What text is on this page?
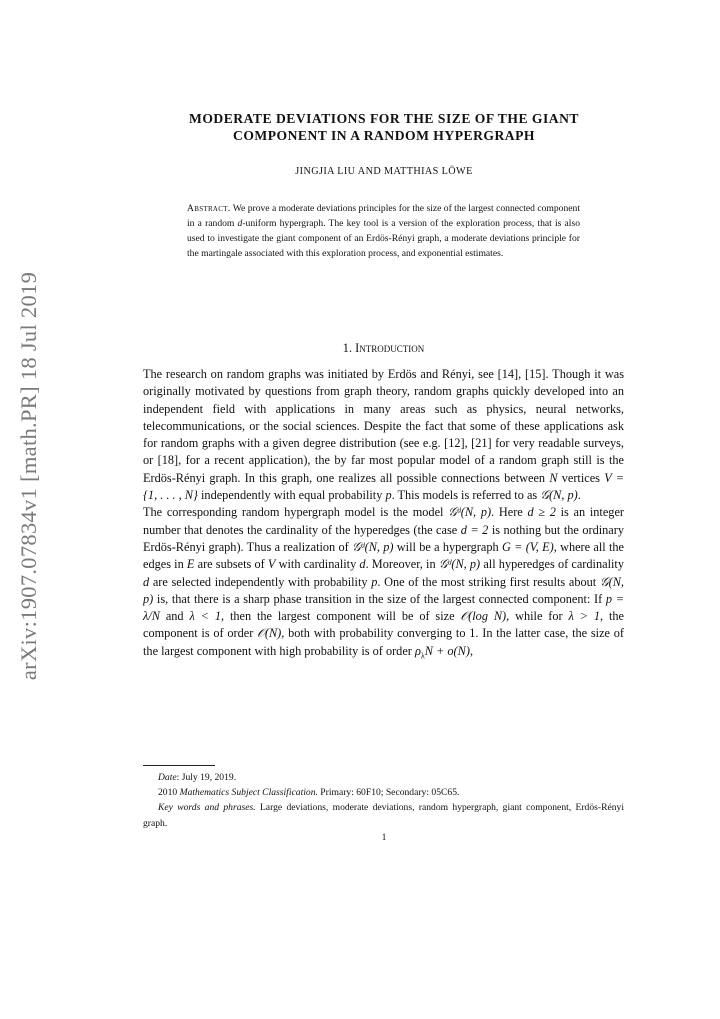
arXiv:1907.07834v1 [math.PR] 18 Jul 2019
MODERATE DEVIATIONS FOR THE SIZE OF THE GIANT
COMPONENT IN A RANDOM HYPERGRAPH
JINGJIA LIU AND MATTHIAS LÖWE
Abstract. We prove a moderate deviations principles for the size of the largest connected component in a random d-uniform hypergraph. The key tool is a version of the exploration process, that is also used to investigate the giant component of an Erdös-Rényi graph, a moderate deviations principle for the martingale associated with this exploration process, and exponential estimates.
1. Introduction

The research on random graphs was initiated by Erdös and Rényi, see [14], [15]. Though it was originally motivated by questions from graph theory, random graphs quickly developed into an independent field with applications in many areas such as physics, neural networks, telecommunications, or the social sciences. Despite the fact that some of these applications ask for random graphs with a given degree distribution (see e.g. [12], [21] for very readable surveys, or [18], for a recent application), the by far most popular model of a random graph still is the Erdös-Rényi graph. In this graph, one realizes all possible connections between N vertices V = {1, . . . , N} independently with equal probability p. This models is referred to as 𝒢(N, p).

The corresponding random hypergraph model is the model 𝒢ᵈ(N, p). Here d ≥ 2 is an integer number that denotes the cardinality of the hyperedges (the case d = 2 is nothing but the ordinary Erdös-Rényi graph). Thus a realization of 𝒢ᵈ(N, p) will be a hypergraph G = (V, E), where all the edges in E are subsets of V with cardinality d. Moreover, in 𝒢ᵈ(N, p) all hyperedges of cardinality d are selected independently with probability p. One of the most striking first results about 𝒢(N, p) is, that there is a sharp phase transition in the size of the largest connected component: If p = λ/N and λ < 1, then the largest component will be of size 𝒪(log N), while for λ > 1, the component is of order 𝒪(N), both with probability converging to 1. In the latter case, the size of the largest component with high probability is of order $\rho_\lambda N + o(N)$,

Date: July 19, 2019.

2010 Mathematics Subject Classification. Primary: 60F10; Secondary: 05C65.

Key words and phrases. Large deviations, moderate deviations, random hypergraph, giant component, Erdös-Rényi graph.

1
